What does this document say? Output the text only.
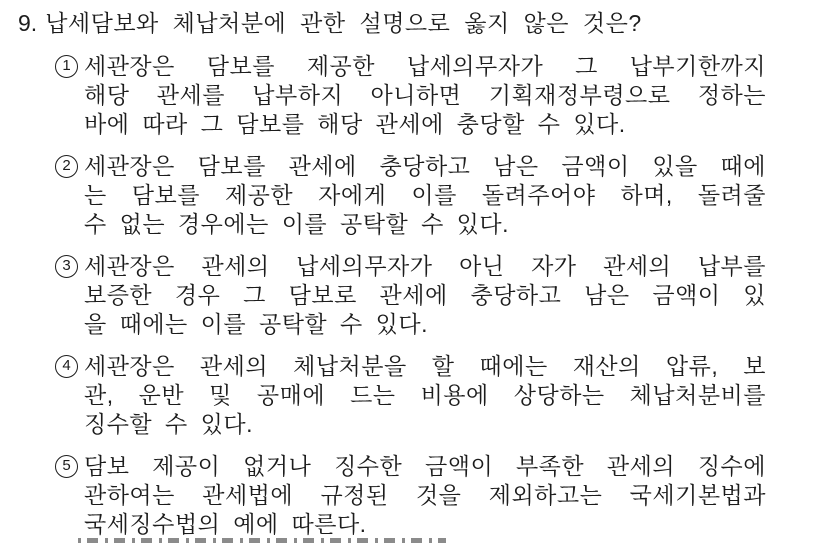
9. 납세담보와 체납처분에 관한 설명으로 옳지 않은 것은?
1 세관장은 담보를 제공한 납세의무자가 그 납부기한까지
해당 관세를 납부하지 아니하면 기획재정부령으로 정하는
바에 따라 그 담보를 해당 관세에 충당할 수 있다.
2 세관장은 담보를 관세에 충당하고 남은 금액이 있을 때에
는 담보를 제공한 자에게 이를 돌려주어야 하며, 돌려줄
수 없는 경우에는 이를 공탁할 수 있다.
3 세관장은 관세의 납세의무자가 아닌 자가 관세의 납부를
보증한 경우 그 담보로 관세에 충당하고 남은 금액이 있
을 때에는 이를 공탁할 수 있다.
4 세관장은 관세의 체납처분을 할 때에는 재산의 압류, 보
관, 운반 및 공매에 드는 비용에 상당하는 체납처분비를
징수할 수 있다.
5 담보 제공이 없거나 징수한 금액이 부족한 관세의 징수에
관하여는 관세법에 규정된 것을 제외하고는 국세기본법과
국세징수법의 예에 따른다.
